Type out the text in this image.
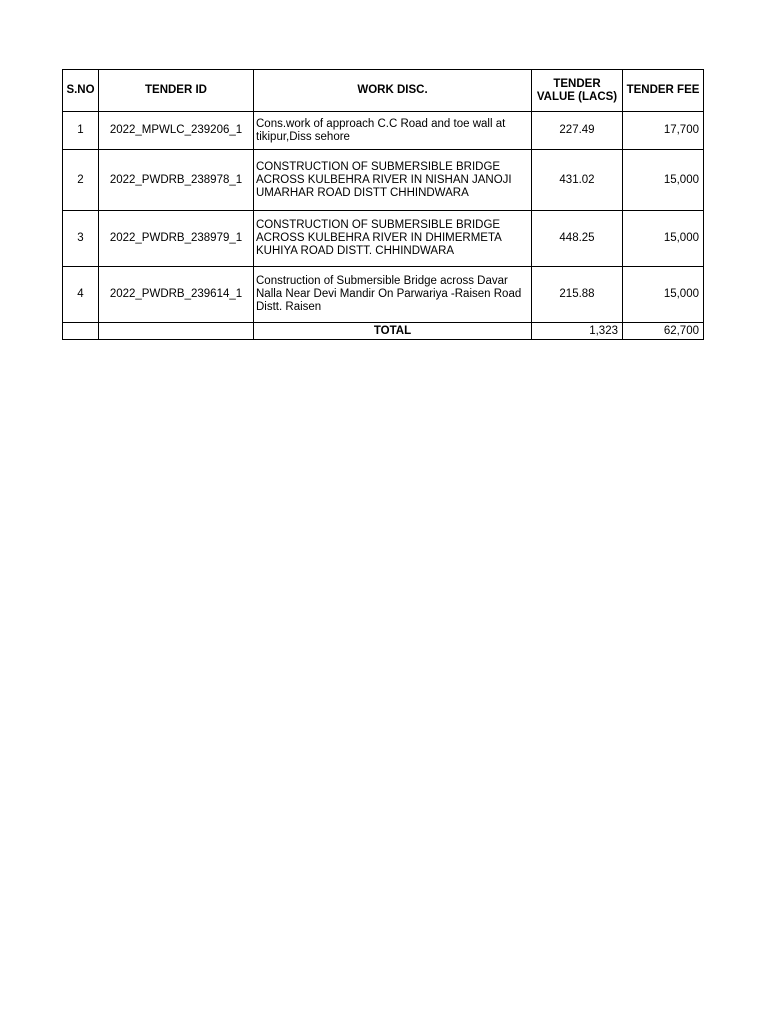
S.NO	TENDER ID	WORK DISC.	TENDER VALUE (LACS)	TENDER FEE
1	2022_MPWLC_239206_1	Cons.work of approach C.C Road and toe wall at tikipur,Diss sehore	227.49	17,700
2	2022_PWDRB_238978_1	CONSTRUCTION OF SUBMERSIBLE BRIDGE ACROSS KULBEHRA RIVER IN NISHAN JANOJI UMARHAR ROAD DISTT CHHINDWARA	431.02	15,000
3	2022_PWDRB_238979_1	CONSTRUCTION OF SUBMERSIBLE BRIDGE ACROSS KULBEHRA RIVER IN DHIMERMETA KUHIYA ROAD DISTT. CHHINDWARA	448.25	15,000
4	2022_PWDRB_239614_1	Construction of Submersible Bridge across Davar Nalla Near Devi Mandir On Parwariya -Raisen Road Distt. Raisen	215.88	15,000
		TOTAL	1,323	62,700
